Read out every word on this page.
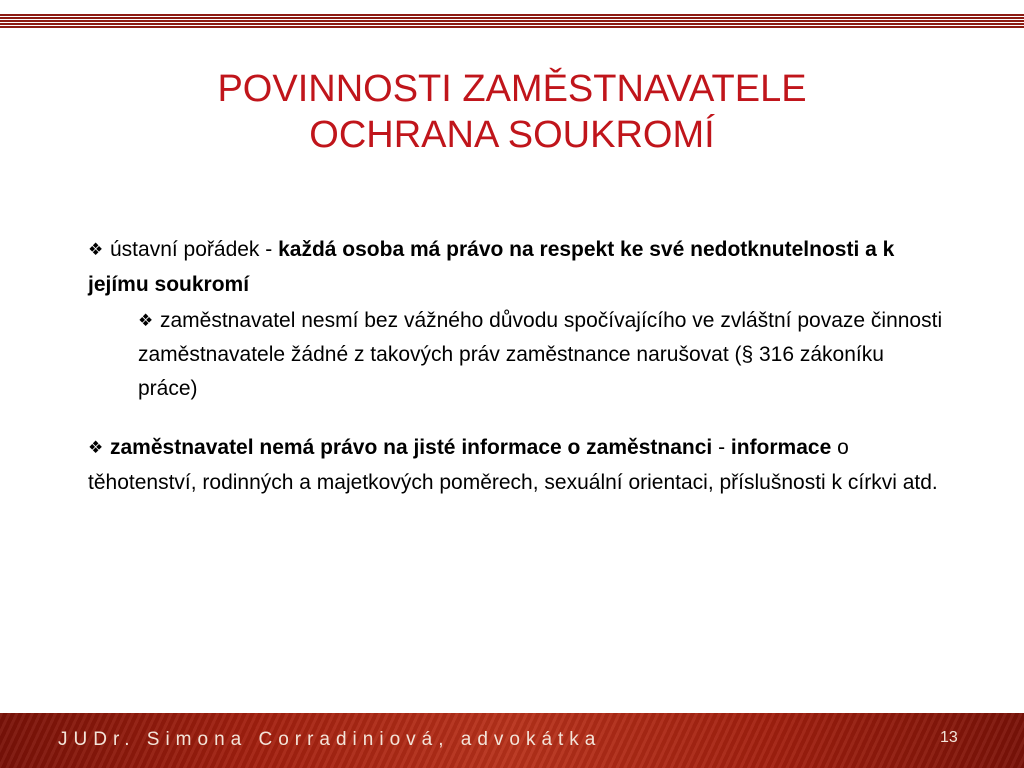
POVINNOSTI ZAMĚSTNAVATELE
OCHRANA SOUKROMÍ

❖ ústavní pořádek - každá osoba má právo na respekt ke své nedotknutelnosti a k jejímu soukromí

❖ zaměstnavatel nesmí bez vážného důvodu spočívajícího ve zvláštní povaze činnosti zaměstnavatele žádné z takových práv zaměstnance narušovat (§ 316 zákoníku práce)

❖ zaměstnavatel nemá právo na jisté informace o zaměstnanci - informace o těhotenství, rodinných a majetkových poměrech, sexuální orientaci, příslušnosti k církvi atd.

JUDr. Simona Corradiniová, advokátka	13
